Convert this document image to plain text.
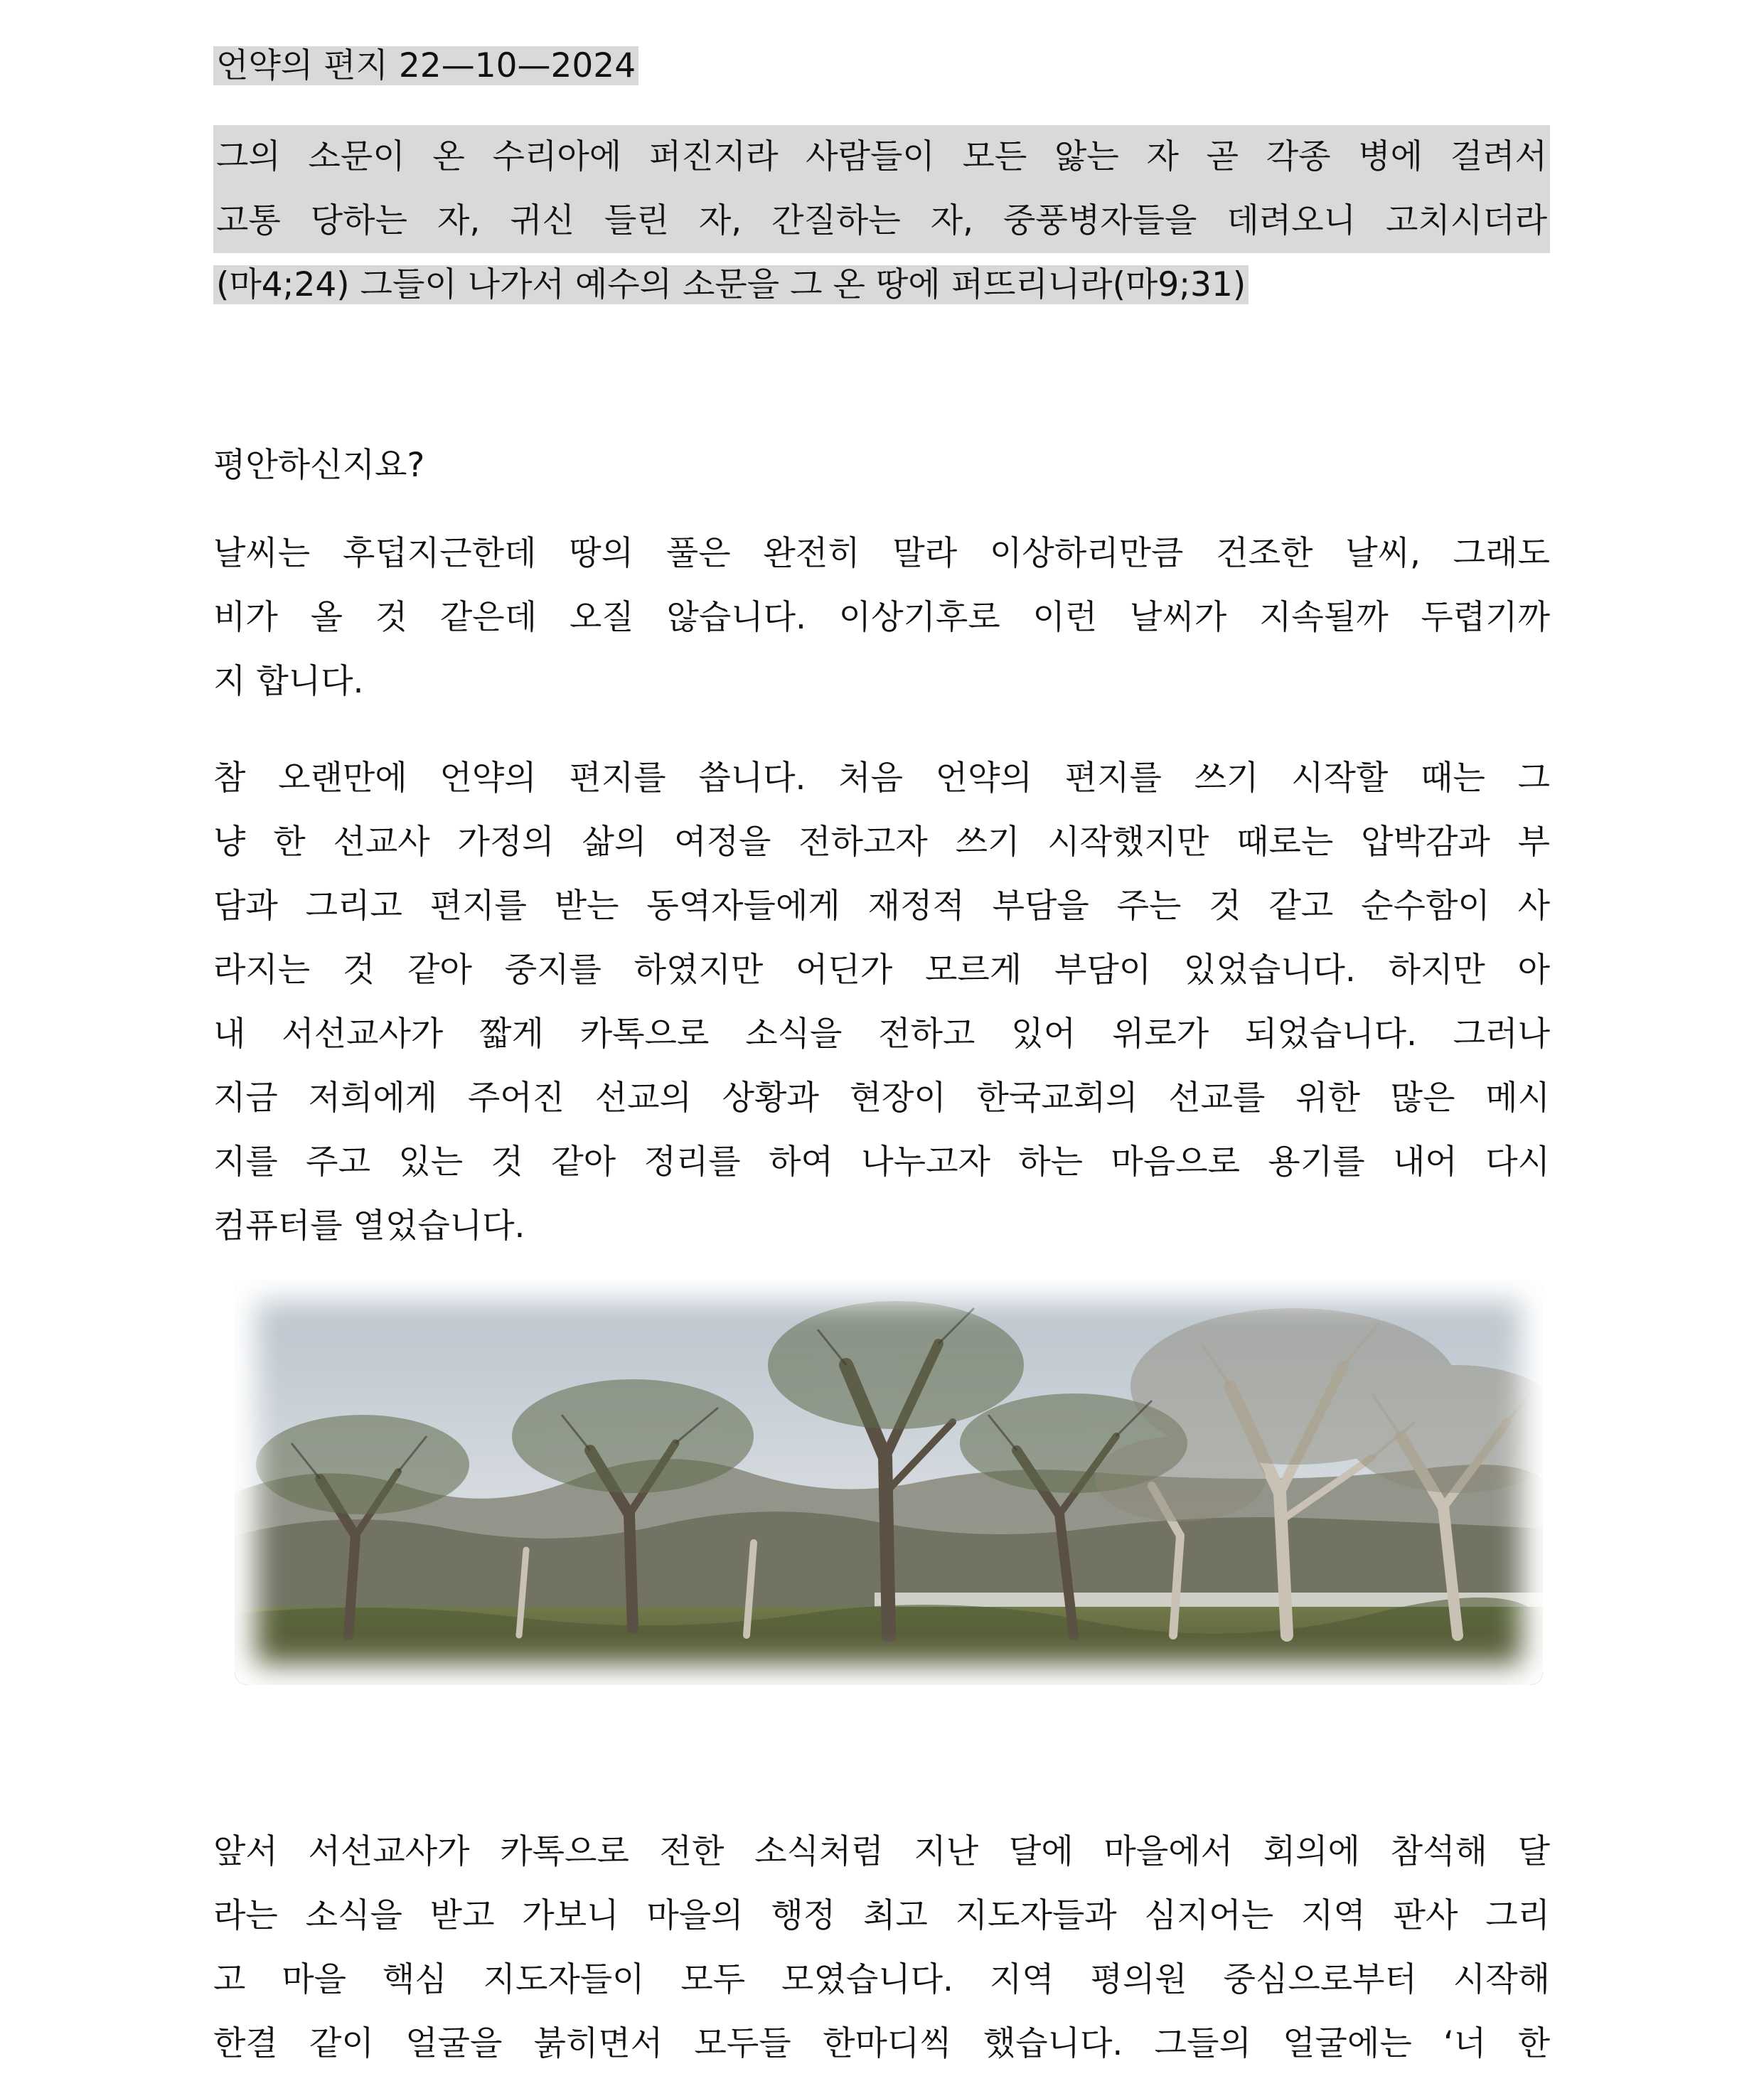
언약의 편지 22—10—2024
그의 소문이 온 수리아에 퍼진지라 사람들이 모든 앓는 자 곧 각종 병에 걸려서
고통 당하는 자, 귀신 들린 자, 간질하는 자, 중풍병자들을 데려오니 고치시더라
(마4;24) 그들이 나가서 예수의 소문을 그 온 땅에 퍼뜨리니라(마9;31)
평안하신지요?
날씨는 후덥지근한데 땅의 풀은 완전히 말라 이상하리만큼 건조한 날씨, 그래도
비가 올 것 같은데 오질 않습니다. 이상기후로 이런 날씨가 지속될까 두렵기까
지 합니다.
참 오랜만에 언약의 편지를 씁니다. 처음 언약의 편지를 쓰기 시작할 때는 그
냥 한 선교사 가정의 삶의 여정을 전하고자 쓰기 시작했지만 때로는 압박감과 부
담과 그리고 편지를 받는 동역자들에게 재정적 부담을 주는 것 같고 순수함이 사
라지는 것 같아 중지를 하였지만 어딘가 모르게 부담이 있었습니다. 하지만 아
내 서선교사가 짧게 카톡으로 소식을 전하고 있어 위로가 되었습니다. 그러나
지금 저희에게 주어진 선교의 상황과 현장이 한국교회의 선교를 위한 많은 메시
지를 주고 있는 것 같아 정리를 하여 나누고자 하는 마음으로 용기를 내어 다시
컴퓨터를 열었습니다.
앞서 서선교사가 카톡으로 전한 소식처럼 지난 달에 마을에서 회의에 참석해 달
라는 소식을 받고 가보니 마을의 행정 최고 지도자들과 심지어는 지역 판사 그리
고 마을 핵심 지도자들이 모두 모였습니다. 지역 평의원 중심으로부터 시작해
한결 같이 얼굴을 붉히면서 모두들 한마디씩 했습니다. 그들의 얼굴에는 ‘너 한
